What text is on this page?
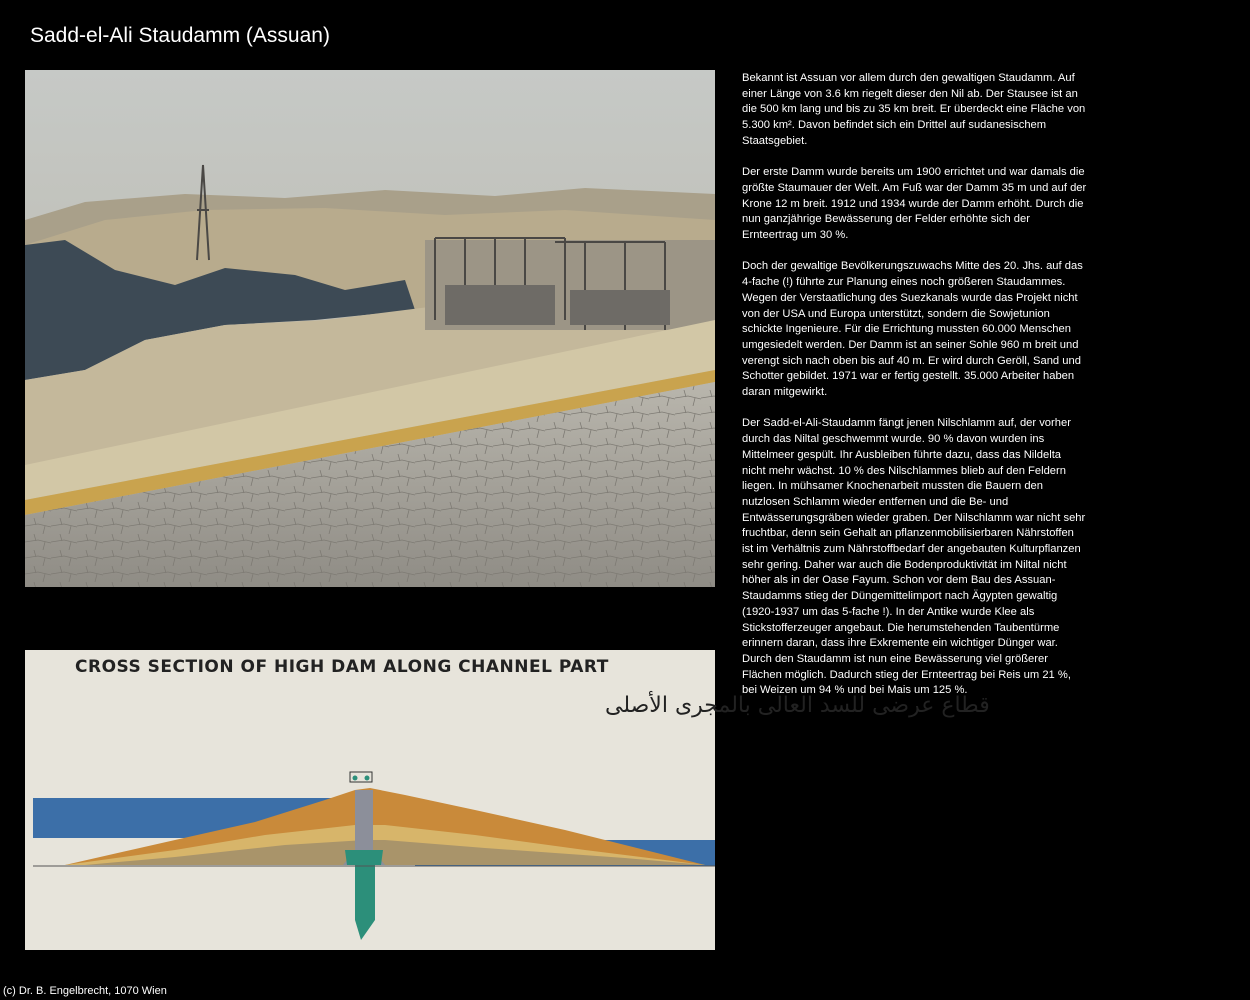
Sadd-el-Ali Staudamm (Assuan)
CROSS SECTION OF HIGH DAM ALONG CHANNEL PART
قطاع عرضى للسد العالى بالمجرى الأصلى

Bekannt ist Assuan vor allem durch den gewaltigen Staudamm. Auf einer Länge von 3.6 km riegelt dieser den Nil ab. Der Stausee ist an die 500 km lang und bis zu 35 km breit. Er überdeckt eine Fläche von 5.300 km². Davon befindet sich ein Drittel auf sudanesischem Staatsgebiet.

Der erste Damm wurde bereits um 1900 errichtet und war damals die größte Staumauer der Welt. Am Fuß war der Damm 35 m und auf der Krone 12 m breit. 1912 und 1934 wurde der Damm erhöht. Durch die nun ganzjährige Bewässerung der Felder erhöhte sich der Ernteertrag um 30 %.

Doch der gewaltige Bevölkerungszuwachs Mitte des 20. Jhs. auf das 4-fache (!) führte zur Planung eines noch größeren Staudammes. Wegen der Verstaatlichung des Suezkanals wurde das Projekt nicht von der USA und Europa unterstützt, sondern die Sowjetunion schickte Ingenieure. Für die Errichtung mussten 60.000 Menschen umgesiedelt werden. Der Damm ist an seiner Sohle 960 m breit und verengt sich nach oben bis auf 40 m. Er wird durch Geröll, Sand und Schotter gebildet. 1971 war er fertig gestellt. 35.000 Arbeiter haben daran mitgewirkt.

Der Sadd-el-Ali-Staudamm fängt jenen Nilschlamm auf, der vorher durch das Niltal geschwemmt wurde. 90 % davon wurden ins Mittelmeer gespült. Ihr Ausbleiben führte dazu, dass das Nildelta nicht mehr wächst. 10 % des Nilschlammes blieb auf den Feldern liegen. In mühsamer Knochenarbeit mussten die Bauern den nutzlosen Schlamm wieder entfernen und die Be- und Entwässerungsgräben wieder graben. Der Nilschlamm war nicht sehr fruchtbar, denn sein Gehalt an pflanzenmobilisierbaren Nährstoffen ist im Verhältnis zum Nährstoffbedarf der angebauten Kulturpflanzen sehr gering. Daher war auch die Bodenproduktivität im Niltal nicht höher als in der Oase Fayum. Schon vor dem Bau des Assuan-Staudamms stieg der Düngemittelimport nach Ägypten gewaltig (1920-1937 um das 5-fache !). In der Antike wurde Klee als Stickstofferzeuger angebaut. Die herumstehenden Taubentürme erinnern daran, dass ihre Exkremente ein wichtiger Dünger war. Durch den Staudamm ist nun eine Bewässerung viel größerer Flächen möglich. Dadurch stieg der Ernteertrag bei Reis um 21 %, bei Weizen um 94 % und bei Mais um 125 %.

(c) Dr. B. Engelbrecht, 1070 Wien
